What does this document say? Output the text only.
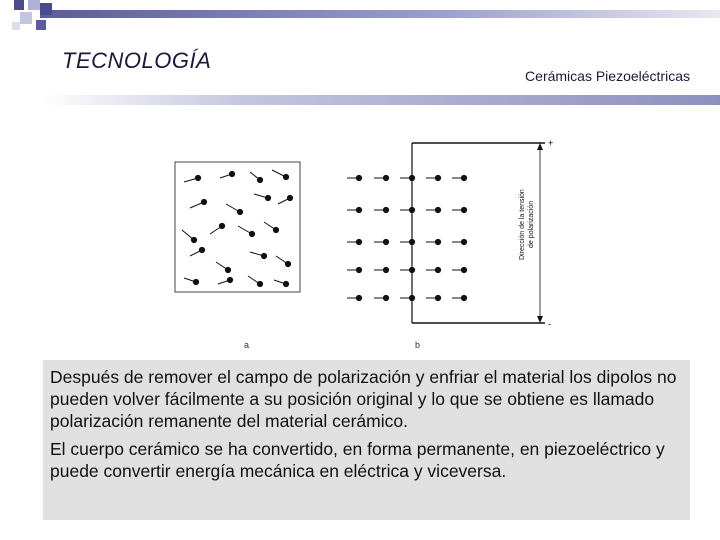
TECNOLOGÍA
Cerámicas Piezoeléctricas
a	b
+
-
Dirección de la tensión de polarización

Después de remover el campo de polarización y enfriar el material los dipolos no pueden volver fácilmente a su posición original y lo que se obtiene es llamado polarización remanente del material cerámico.

El cuerpo cerámico se ha convertido, en forma permanente, en piezoeléctrico y puede convertir energía mecánica en eléctrica y viceversa.
